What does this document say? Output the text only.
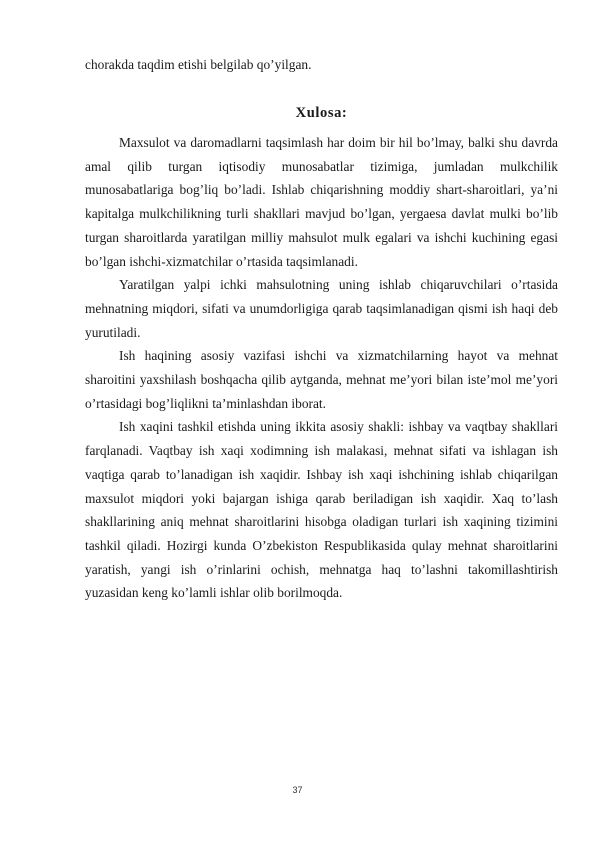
chorakda taqdim etishi belgilab qo’yilgan.

Xulosa:

Maxsulot va daromadlarni taqsimlash har doim bir hil bo’lmay, balki shu davrda amal qilib turgan iqtisodiy munosabatlar tizimiga, jumladan mulkchilik munosabatlariga bog’liq bo’ladi. Ishlab chiqarishning moddiy shart-sharoitlari, ya’ni kapitalga mulkchilikning turli shakllari mavjud bo’lgan, yergaesa davlat mulki bo’lib turgan sharoitlarda yaratilgan milliy mahsulot mulk egalari va ishchi kuchining egasi bo’lgan ishchi-xizmatchilar o’rtasida taqsimlanadi.

Yaratilgan yalpi ichki mahsulotning uning ishlab chiqaruvchilari o’rtasida mehnatning miqdori, sifati va unumdorligiga qarab taqsimlanadigan qismi ish haqi deb yurutiladi.

Ish haqining asosiy vazifasi ishchi va xizmatchilarning hayot va mehnat sharoitini yaxshilash boshqacha qilib aytganda, mehnat me’yori bilan iste’mol me’yori o’rtasidagi bog’liqlikni ta’minlashdan iborat.

Ish xaqini tashkil etishda uning ikkita asosiy shakli: ishbay va vaqtbay shakllari farqlanadi. Vaqtbay ish xaqi xodimning ish malakasi, mehnat sifati va ishlagan ish vaqtiga qarab to’lanadigan ish xaqidir. Ishbay ish xaqi ishchining ishlab chiqarilgan maxsulot miqdori yoki bajargan ishiga qarab beriladigan ish xaqidir. Xaq to’lash shakllarining aniq mehnat sharoitlarini hisobga oladigan turlari ish xaqining tizimini tashkil qiladi. Hozirgi kunda O’zbekiston Respublikasida qulay mehnat sharoitlarini yaratish, yangi ish o’rinlarini ochish, mehnatga haq to’lashni takomillashtirish yuzasidan keng ko’lamli ishlar olib borilmoqda.

37
